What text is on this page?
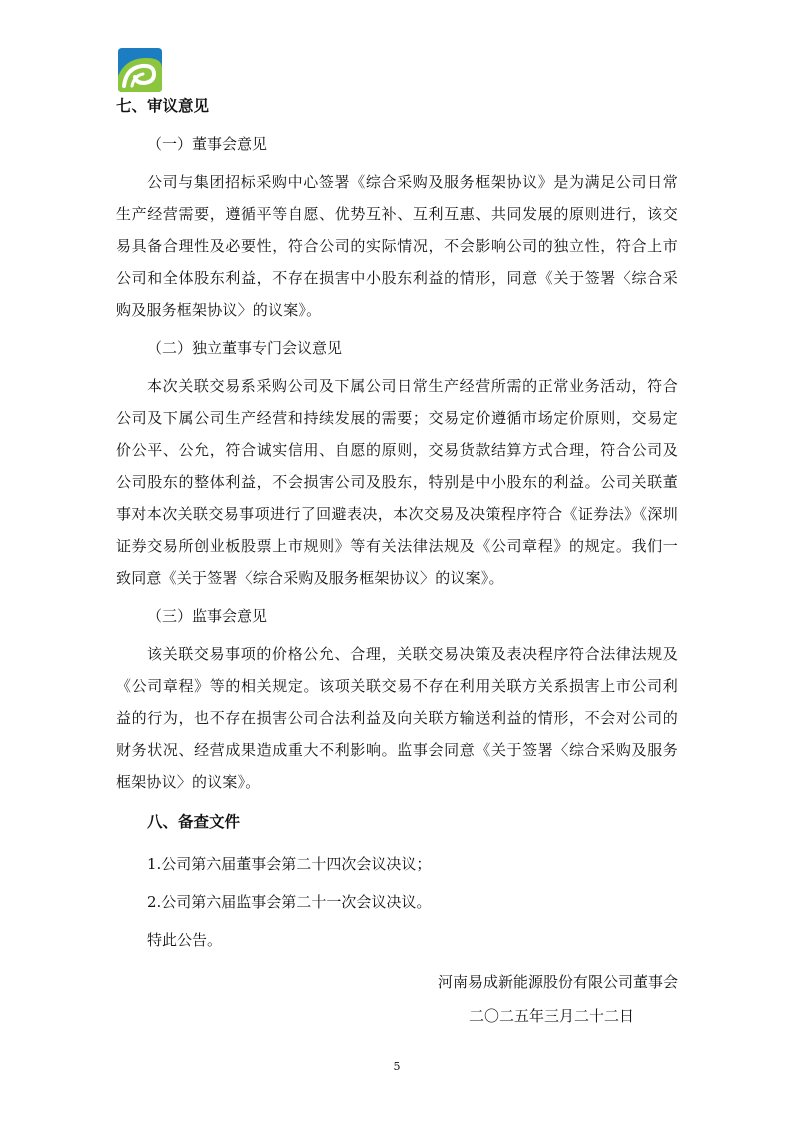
七、审议意见

（一）董事会意见

公司与集团招标采购中心签署《综合采购及服务框架协议》是为满足公司日常生产经营需要，遵循平等自愿、优势互补、互利互惠、共同发展的原则进行，该交易具备合理性及必要性，符合公司的实际情况，不会影响公司的独立性，符合上市公司和全体股东利益，不存在损害中小股东利益的情形，同意《关于签署〈综合采购及服务框架协议〉的议案》。

（二）独立董事专门会议意见

本次关联交易系采购公司及下属公司日常生产经营所需的正常业务活动，符合公司及下属公司生产经营和持续发展的需要；交易定价遵循市场定价原则，交易定价公平、公允，符合诚实信用、自愿的原则，交易货款结算方式合理，符合公司及公司股东的整体利益，不会损害公司及股东，特别是中小股东的利益。公司关联董事对本次关联交易事项进行了回避表决，本次交易及决策程序符合《证券法》《深圳证券交易所创业板股票上市规则》等有关法律法规及《公司章程》的规定。我们一致同意《关于签署〈综合采购及服务框架协议〉的议案》。

（三）监事会意见

该关联交易事项的价格公允、合理，关联交易决策及表决程序符合法律法规及《公司章程》等的相关规定。该项关联交易不存在利用关联方关系损害上市公司利益的行为，也不存在损害公司合法利益及向关联方输送利益的情形，不会对公司的财务状况、经营成果造成重大不利影响。监事会同意《关于签署〈综合采购及服务框架协议〉的议案》。

八、备查文件

1.公司第六届董事会第二十四次会议决议；

2.公司第六届监事会第二十一次会议决议。

特此公告。

河南易成新能源股份有限公司董事会

二〇二五年三月二十二日

5
